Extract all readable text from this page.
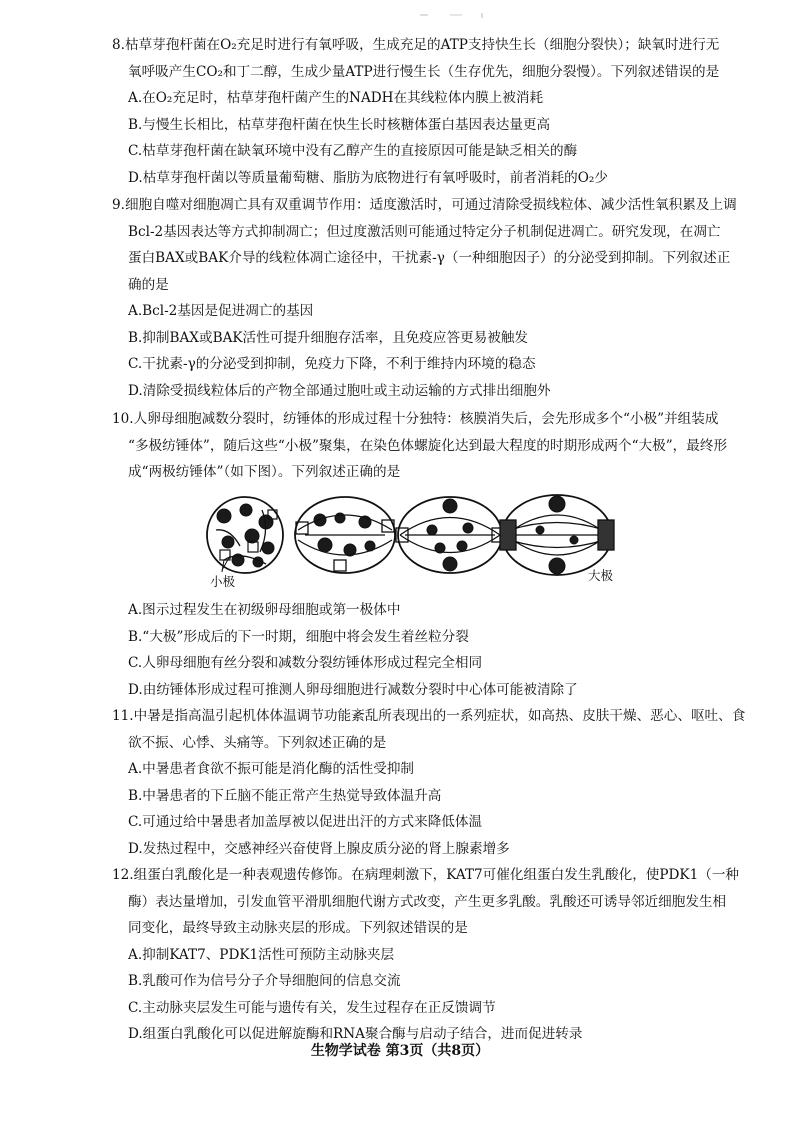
8.枯草芽孢杆菌在O₂充足时进行有氧呼吸，生成充足的ATP支持快生长（细胞分裂快）；缺氧时进行无
氧呼吸产生CO₂和丁二醇，生成少量ATP进行慢生长（生存优先，细胞分裂慢）。下列叙述错误的是
A.在O₂充足时，枯草芽孢杆菌产生的NADH在其线粒体内膜上被消耗
B.与慢生长相比，枯草芽孢杆菌在快生长时核糖体蛋白基因表达量更高
C.枯草芽孢杆菌在缺氧环境中没有乙醇产生的直接原因可能是缺乏相关的酶
D.枯草芽孢杆菌以等质量葡萄糖、脂肪为底物进行有氧呼吸时，前者消耗的O₂少
9.细胞自噬对细胞凋亡具有双重调节作用：适度激活时，可通过清除受损线粒体、减少活性氧积累及上调
Bcl-2基因表达等方式抑制凋亡；但过度激活则可能通过特定分子机制促进凋亡。研究发现，在凋亡
蛋白BAX或BAK介导的线粒体凋亡途径中，干扰素-γ（一种细胞因子）的分泌受到抑制。下列叙述正
确的是
A.Bcl-2基因是促进凋亡的基因
B.抑制BAX或BAK活性可提升细胞存活率，且免疫应答更易被触发
C.干扰素-γ的分泌受到抑制，免疫力下降，不利于维持内环境的稳态
D.清除受损线粒体后的产物全部通过胞吐或主动运输的方式排出细胞外
10.人卵母细胞减数分裂时，纺锤体的形成过程十分独特：核膜消失后，会先形成多个“小极”并组装成
“多极纺锤体”，随后这些“小极”聚集，在染色体螺旋化达到最大程度的时期形成两个“大极”，最终形
成“两极纺锤体”（如下图）。下列叙述正确的是
小极	大极
A.图示过程发生在初级卵母细胞或第一极体中
B.“大极”形成后的下一时期，细胞中将会发生着丝粒分裂
C.人卵母细胞有丝分裂和减数分裂纺锤体形成过程完全相同
D.由纺锤体形成过程可推测人卵母细胞进行减数分裂时中心体可能被清除了
11.中暑是指高温引起机体体温调节功能紊乱所表现出的一系列症状，如高热、皮肤干燥、恶心、呕吐、食
欲不振、心悸、头痛等。下列叙述正确的是
A.中暑患者食欲不振可能是消化酶的活性受抑制
B.中暑患者的下丘脑不能正常产生热觉导致体温升高
C.可通过给中暑患者加盖厚被以促进出汗的方式来降低体温
D.发热过程中，交感神经兴奋使肾上腺皮质分泌的肾上腺素增多
12.组蛋白乳酸化是一种表观遗传修饰。在病理刺激下，KAT7可催化组蛋白发生乳酸化，使PDK1（一种
酶）表达量增加，引发血管平滑肌细胞代谢方式改变，产生更多乳酸。乳酸还可诱导邻近细胞发生相
同变化，最终导致主动脉夹层的形成。下列叙述错误的是
A.抑制KAT7、PDK1活性可预防主动脉夹层
B.乳酸可作为信号分子介导细胞间的信息交流
C.主动脉夹层发生可能与遗传有关，发生过程存在正反馈调节
D.组蛋白乳酸化可以促进解旋酶和RNA聚合酶与启动子结合，进而促进转录
生物学试卷 第3页（共8页）
